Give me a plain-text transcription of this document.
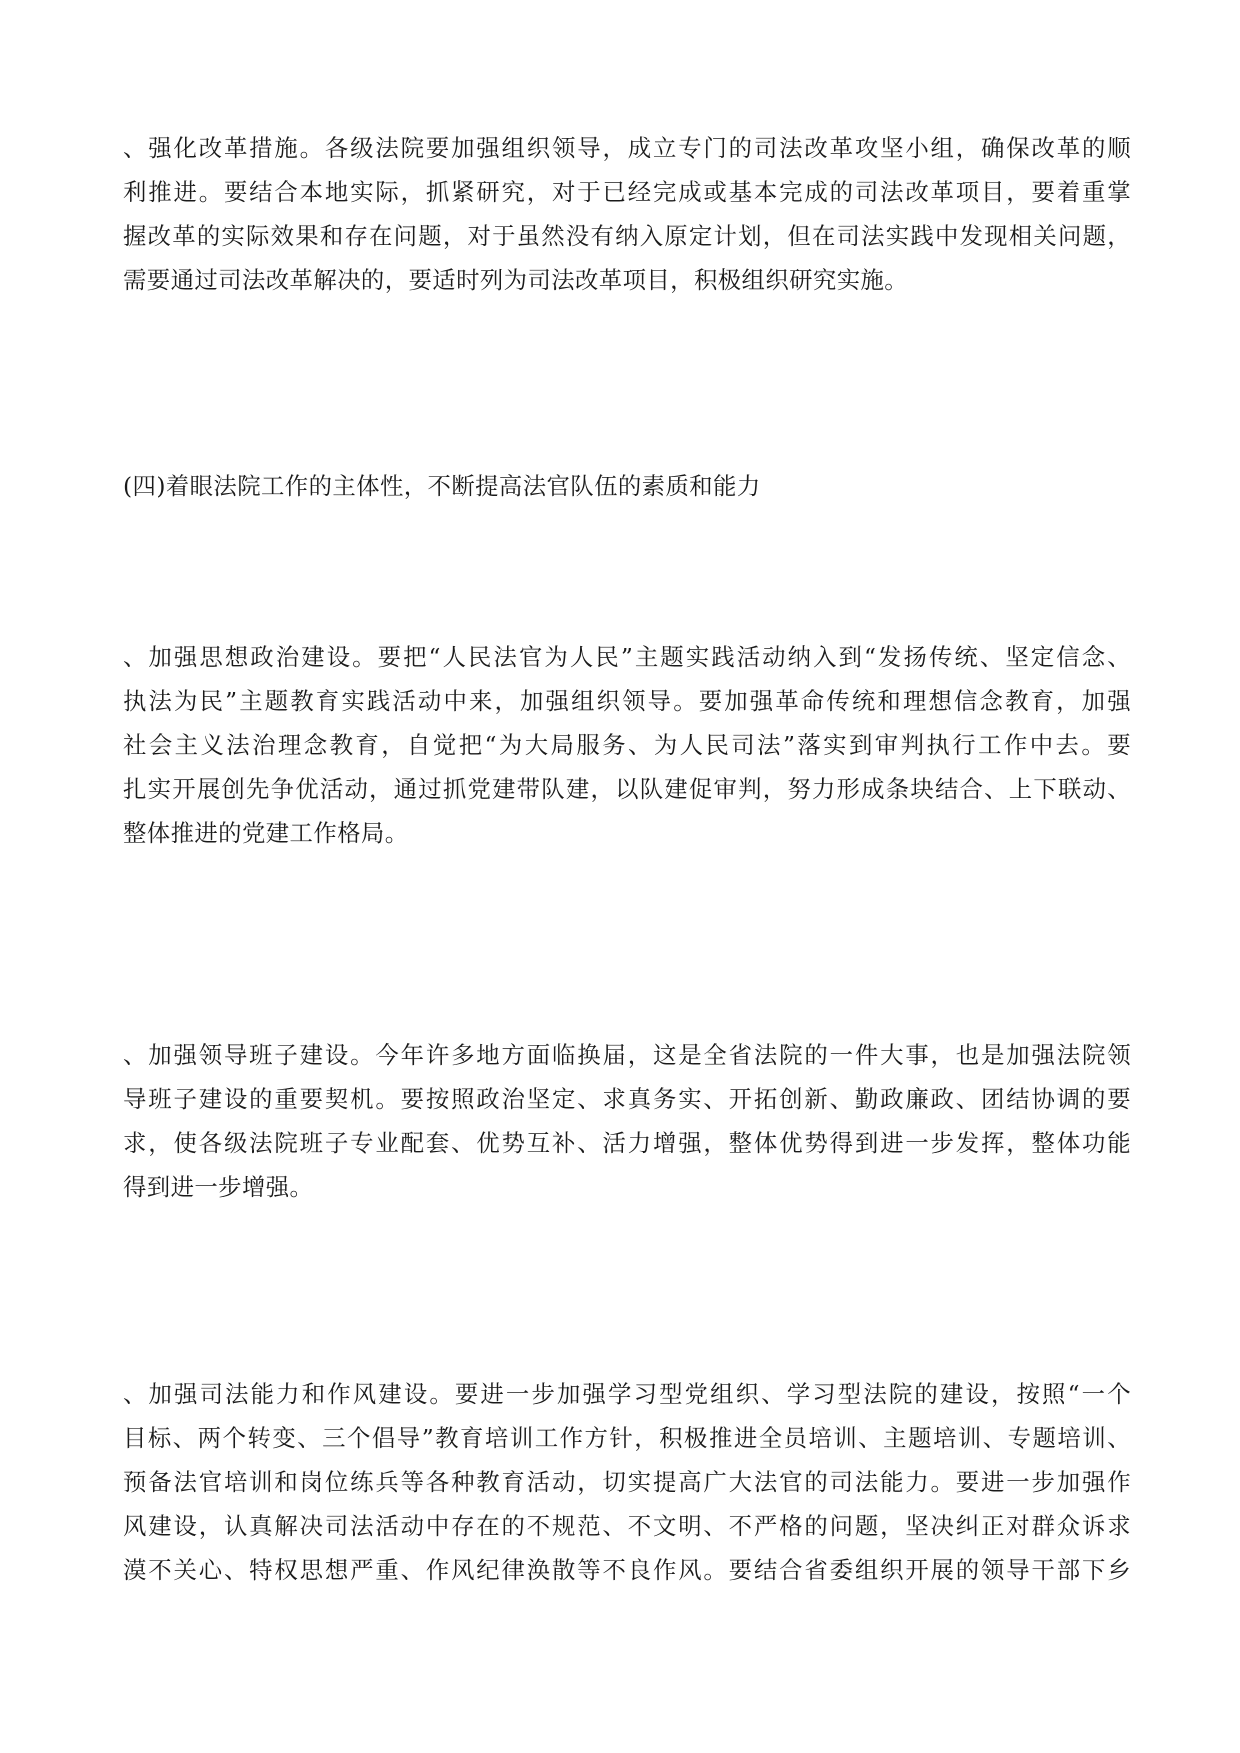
、强化改革措施。各级法院要加强组织领导，成立专门的司法改革攻坚小组，确保改革的顺
利推进。要结合本地实际，抓紧研究，对于已经完成或基本完成的司法改革项目，要着重掌
握改革的实际效果和存在问题，对于虽然没有纳入原定计划，但在司法实践中发现相关问题，
需要通过司法改革解决的，要适时列为司法改革项目，积极组织研究实施。
(四)着眼法院工作的主体性，不断提高法官队伍的素质和能力
、加强思想政治建设。要把“人民法官为人民”主题实践活动纳入到“发扬传统、坚定信念、
执法为民”主题教育实践活动中来，加强组织领导。要加强革命传统和理想信念教育，加强
社会主义法治理念教育，自觉把“为大局服务、为人民司法”落实到审判执行工作中去。要
扎实开展创先争优活动，通过抓党建带队建，以队建促审判，努力形成条块结合、上下联动、
整体推进的党建工作格局。
、加强领导班子建设。今年许多地方面临换届，这是全省法院的一件大事，也是加强法院领
导班子建设的重要契机。要按照政治坚定、求真务实、开拓创新、勤政廉政、团结协调的要
求，使各级法院班子专业配套、优势互补、活力增强，整体优势得到进一步发挥，整体功能
得到进一步增强。
、加强司法能力和作风建设。要进一步加强学习型党组织、学习型法院的建设，按照“一个
目标、两个转变、三个倡导”教育培训工作方针，积极推进全员培训、主题培训、专题培训、
预备法官培训和岗位练兵等各种教育活动，切实提高广大法官的司法能力。要进一步加强作
风建设，认真解决司法活动中存在的不规范、不文明、不严格的问题，坚决纠正对群众诉求
漠不关心、特权思想严重、作风纪律涣散等不良作风。要结合省委组织开展的领导干部下乡
